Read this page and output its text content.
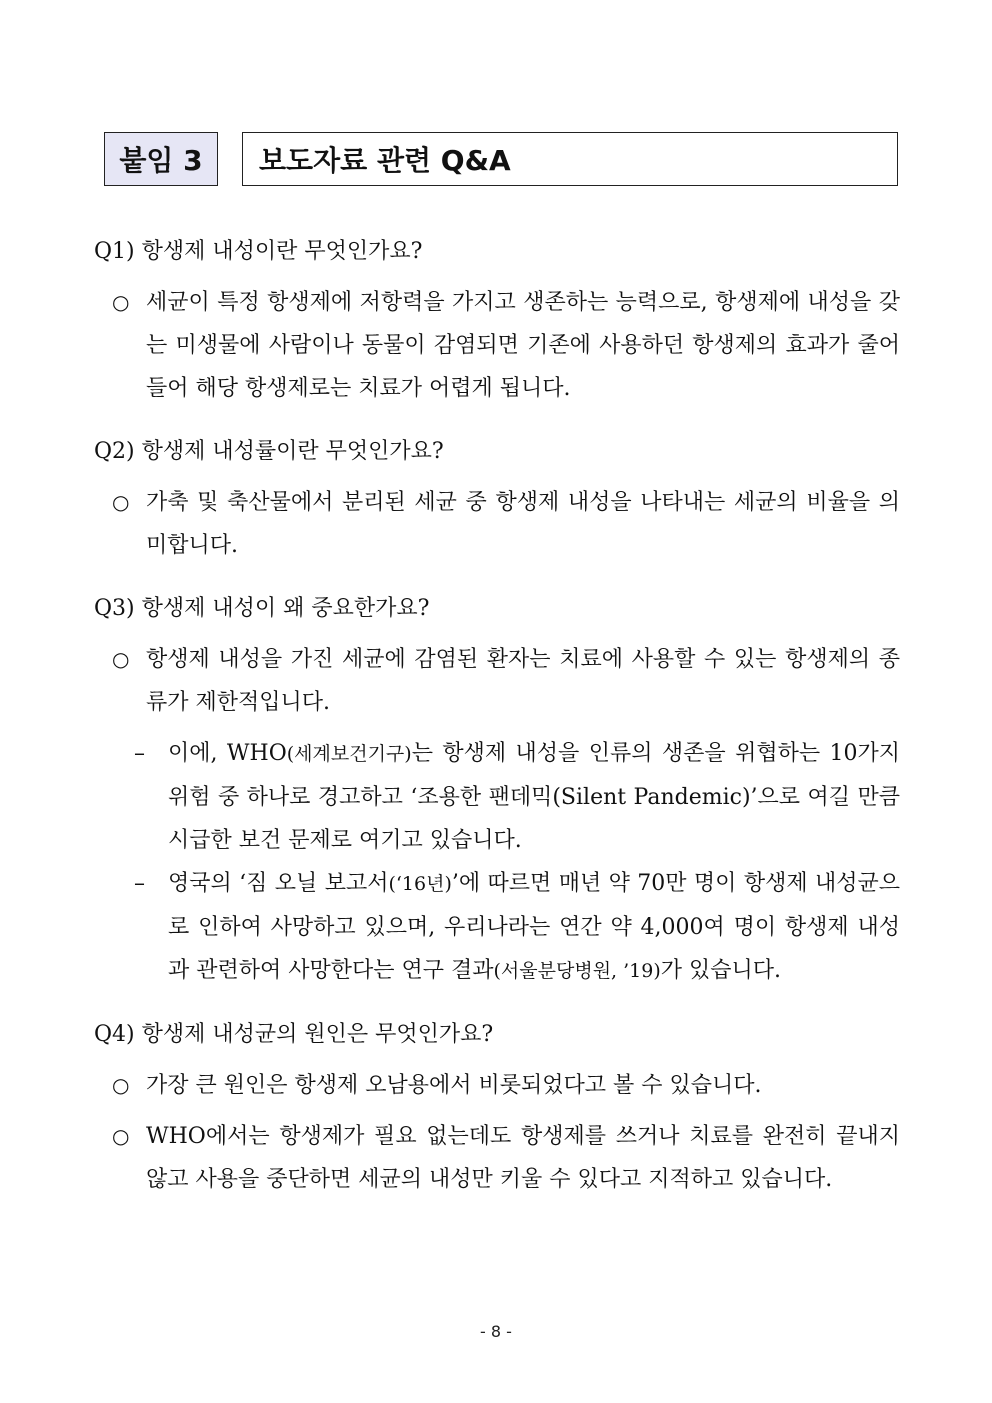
붙임 3	보도자료 관련 Q&A

Q1) 항생제 내성이란 무엇인가요?

○ 세균이 특정 항생제에 저항력을 가지고 생존하는 능력으로, 항생제에 내성을 갖는 미생물에 사람이나 동물이 감염되면 기존에 사용하던 항생제의 효과가 줄어들어 해당 항생제로는 치료가 어렵게 됩니다.

Q2) 항생제 내성률이란 무엇인가요?

○ 가축 및 축산물에서 분리된 세균 중 항생제 내성을 나타내는 세균의 비율을 의미합니다.

Q3) 항생제 내성이 왜 중요한가요?

○ 항생제 내성을 가진 세균에 감염된 환자는 치료에 사용할 수 있는 항생제의 종류가 제한적입니다.

– 이에, WHO(세계보건기구)는 항생제 내성을 인류의 생존을 위협하는 10가지 위험 중 하나로 경고하고 ‘조용한 팬데믹(Silent Pandemic)’으로 여길 만큼 시급한 보건 문제로 여기고 있습니다.

– 영국의 ‘짐 오닐 보고서(‘16년)’에 따르면 매년 약 70만 명이 항생제 내성균으로 인하여 사망하고 있으며, 우리나라는 연간 약 4,000여 명이 항생제 내성과 관련하여 사망한다는 연구 결과(서울분당병원, ’19)가 있습니다.

Q4) 항생제 내성균의 원인은 무엇인가요?

○ 가장 큰 원인은 항생제 오남용에서 비롯되었다고 볼 수 있습니다.

○ WHO에서는 항생제가 필요 없는데도 항생제를 쓰거나 치료를 완전히 끝내지 않고 사용을 중단하면 세균의 내성만 키울 수 있다고 지적하고 있습니다.

- 8 -
